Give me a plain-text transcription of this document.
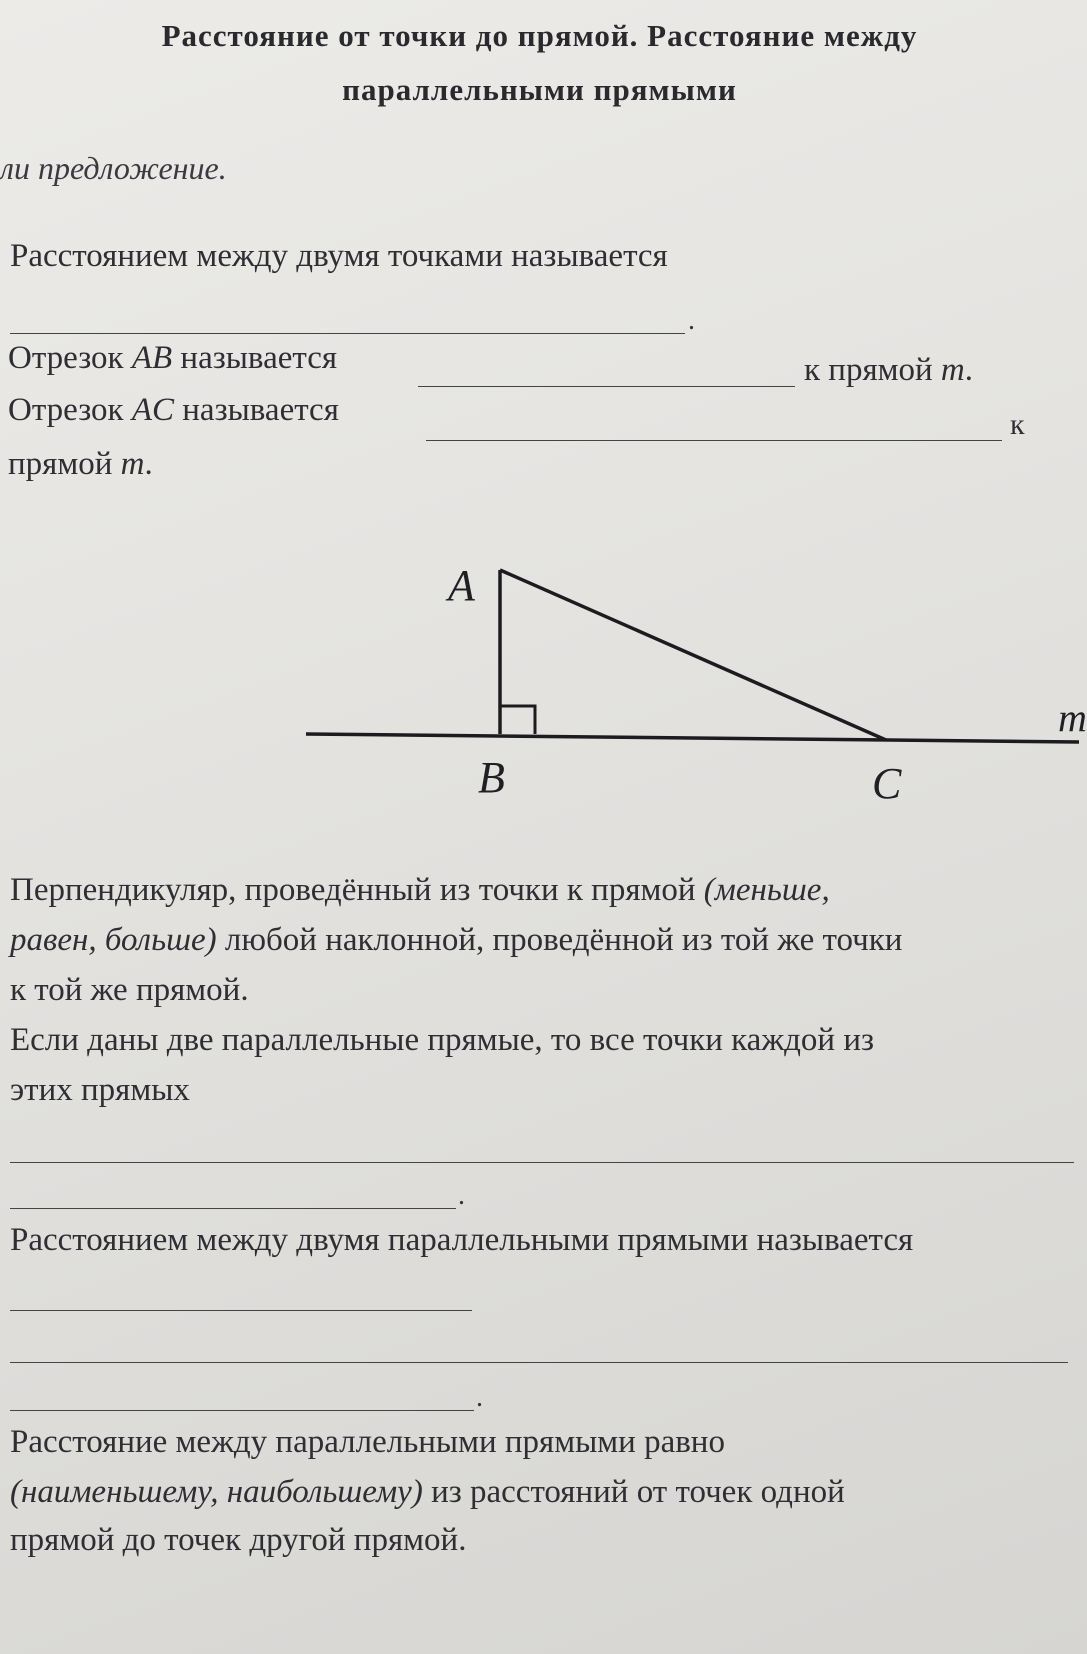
Расстояние от точки до прямой. Расстояние между
параллельными прямыми
ли предложение.
Расстоянием между двумя точками называется
.
Отрезок AB называется	к прямой m.
Отрезок AC называется	к
прямой m.
A
B	C
m
Перпендикуляр, проведённый из точки к прямой (меньше,
равен, больше) любой наклонной, проведённой из той же точки
к той же прямой.
Если даны две параллельные прямые, то все точки каждой из
этих прямых
.
Расстоянием между двумя параллельными прямыми называется
.
Расстояние между параллельными прямыми равно
(наименьшему, наибольшему) из расстояний от точек одной
прямой до точек другой прямой.
